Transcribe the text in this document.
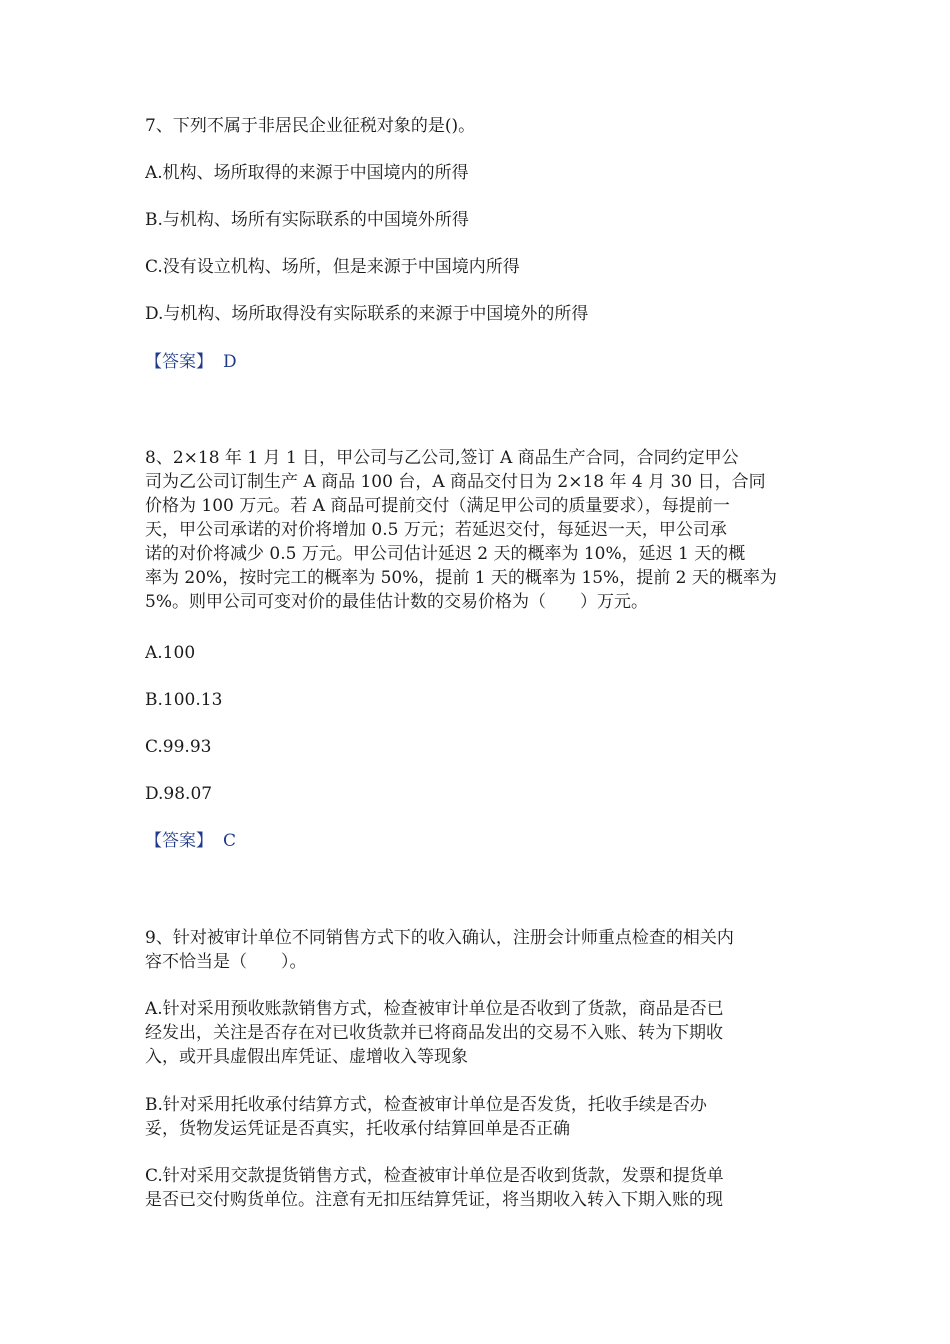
7、下列不属于非居民企业征税对象的是()。
A.机构、场所取得的来源于中国境内的所得
B.与机构、场所有实际联系的中国境外所得
C.没有设立机构、场所，但是来源于中国境内所得
D.与机构、场所取得没有实际联系的来源于中国境外的所得
【答案】 D
8、2×18 年 1 月 1 日，甲公司与乙公司,签订 A 商品生产合同，合同约定甲公
司为乙公司订制生产 A 商品 100 台，A 商品交付日为 2×18 年 4 月 30 日，合同
价格为 100 万元。若 A 商品可提前交付（满足甲公司的质量要求），每提前一
天，甲公司承诺的对价将增加 0.5 万元；若延迟交付，每延迟一天，甲公司承
诺的对价将减少 0.5 万元。甲公司估计延迟 2 天的概率为 10%，延迟 1 天的概
率为 20%，按时完工的概率为 50%，提前 1 天的概率为 15%，提前 2 天的概率为
5%。则甲公司可变对价的最佳估计数的交易价格为（　　）万元。
A.100
B.100.13
C.99.93
D.98.07
【答案】 C
9、针对被审计单位不同销售方式下的收入确认，注册会计师重点检查的相关内
容不恰当是（　　）。
A.针对采用预收账款销售方式，检查被审计单位是否收到了货款，商品是否已
经发出，关注是否存在对已收货款并已将商品发出的交易不入账、转为下期收
入，或开具虚假出库凭证、虚增收入等现象
B.针对采用托收承付结算方式，检查被审计单位是否发货，托收手续是否办
妥，货物发运凭证是否真实，托收承付结算回单是否正确
C.针对采用交款提货销售方式，检查被审计单位是否收到货款，发票和提货单
是否已交付购货单位。注意有无扣压结算凭证，将当期收入转入下期入账的现
